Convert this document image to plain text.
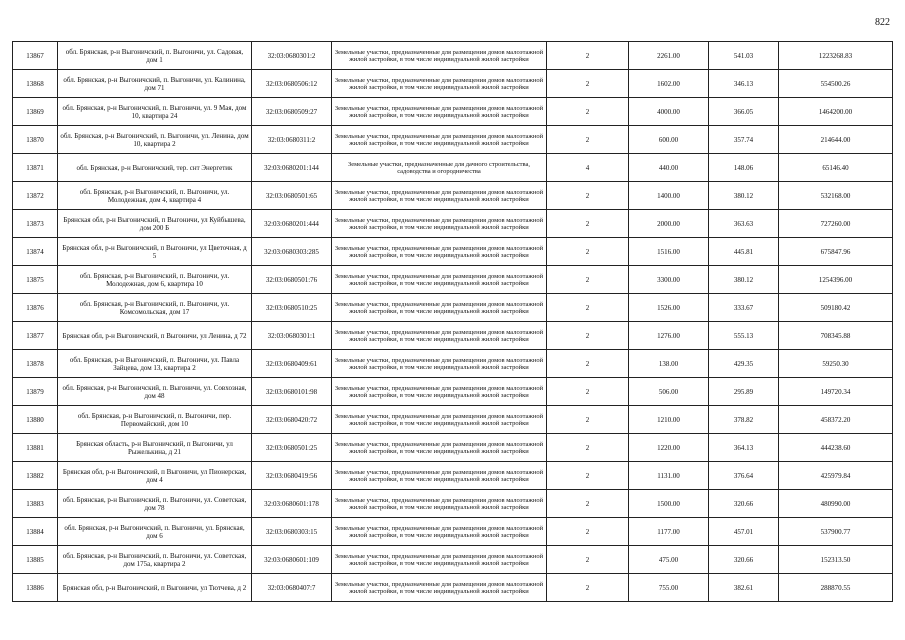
822
13867	обл. Брянская, р-н Выгоничский, п. Выгоничи, ул. Садовая, дом 1	32:03:0680301:2	Земельные участки, предназначенные для размещения домов малоэтажной жилой застройки, в том числе индивидуальной жилой застройки	2	2261.00	541.03	1223268.83
13868	обл. Брянская, р-н Выгоничский, п. Выгоничи, ул. Калинина, дом 71	32:03:0680506:12	Земельные участки, предназначенные для размещения домов малоэтажной жилой застройки, в том числе индивидуальной жилой застройки	2	1602.00	346.13	554500.26
13869	обл. Брянская, р-н Выгоничский, п. Выгоничи, ул. 9 Мая, дом 10, квартира 24	32:03:0680509:27	Земельные участки, предназначенные для размещения домов малоэтажной жилой застройки, в том числе индивидуальной жилой застройки	2	4000.00	366.05	1464200.00
13870	обл. Брянская, р-н Выгоничский, п. Выгоничи, ул. Ленина, дом 10, квартира 2	32:03:0680311:2	Земельные участки, предназначенные для размещения домов малоэтажной жилой застройки, в том числе индивидуальной жилой застройки	2	600.00	357.74	214644.00
13871	обл. Брянская, р-н Выгоничский, тер. снт Энергетик	32:03:0680201:144	Земельные участки, предназначенные для дачного строительства, садоводства и огородничества	4	440.00	148.06	65146.40
13872	обл. Брянская, р-н Выгоничский, п. Выгоничи, ул. Молодежная, дом 4, квартира 4	32:03:0680501:65	Земельные участки, предназначенные для размещения домов малоэтажной жилой застройки, в том числе индивидуальной жилой застройки	2	1400.00	380.12	532168.00
13873	Брянская обл, р-н Выгоничский, п Выгоничи, ул Куйбышева, дом 200 Б	32:03:0680201:444	Земельные участки, предназначенные для размещения домов малоэтажной жилой застройки, в том числе индивидуальной жилой застройки	2	2000.00	363.63	727260.00
13874	Брянская обл, р-н Выгоничский, п Выгоничи, ул Цветочная, д 5	32:03:0680303:285	Земельные участки, предназначенные для размещения домов малоэтажной жилой застройки, в том числе индивидуальной жилой застройки	2	1516.00	445.81	675847.96
13875	обл. Брянская, р-н Выгоничский, п. Выгоничи, ул. Молодежная, дом 6, квартира 10	32:03:0680501:76	Земельные участки, предназначенные для размещения домов малоэтажной жилой застройки, в том числе индивидуальной жилой застройки	2	3300.00	380.12	1254396.00
13876	обл. Брянская, р-н Выгоничский, п. Выгоничи, ул. Комсомольская, дом 17	32:03:0680510:25	Земельные участки, предназначенные для размещения домов малоэтажной жилой застройки, в том числе индивидуальной жилой застройки	2	1526.00	333.67	509180.42
13877	Брянская обл, р-н Выгоничский, п Выгоничи, ул Ленина, д 72	32:03:0680301:1	Земельные участки, предназначенные для размещения домов малоэтажной жилой застройки, в том числе индивидуальной жилой застройки	2	1276.00	555.13	708345.88
13878	обл. Брянская, р-н Выгоничский, п. Выгоничи, ул. Павла Зайцева, дом 13, квартира 2	32:03:0680409:61	Земельные участки, предназначенные для размещения домов малоэтажной жилой застройки, в том числе индивидуальной жилой застройки	2	138.00	429.35	59250.30
13879	обл. Брянская, р-н Выгоничский, п. Выгоничи, ул. Совхозная, дом 48	32:03:0680101:98	Земельные участки, предназначенные для размещения домов малоэтажной жилой застройки, в том числе индивидуальной жилой застройки	2	506.00	295.89	149720.34
13880	обл. Брянская, р-н Выгоничский, п. Выгоничи, пер. Первомайский, дом 10	32:03:0680420:72	Земельные участки, предназначенные для размещения домов малоэтажной жилой застройки, в том числе индивидуальной жилой застройки	2	1210.00	378.82	458372.20
13881	Брянская область, р-н Выгоничский, п Выгоничи, ул Рыжелькина, д 21	32:03:0680501:25	Земельные участки, предназначенные для размещения домов малоэтажной жилой застройки, в том числе индивидуальной жилой застройки	2	1220.00	364.13	444238.60
13882	Брянская обл, р-н Выгоничский, п Выгоничи, ул Пионерская, дом 4	32:03:0680419:56	Земельные участки, предназначенные для размещения домов малоэтажной жилой застройки, в том числе индивидуальной жилой застройки	2	1131.00	376.64	425979.84
13883	обл. Брянская, р-н Выгоничский, п. Выгоничи, ул. Советская, дом 78	32:03:0680601:178	Земельные участки, предназначенные для размещения домов малоэтажной жилой застройки, в том числе индивидуальной жилой застройки	2	1500.00	320.66	480990.00
13884	обл. Брянская, р-н Выгоничский, п. Выгоничи, ул. Брянская, дом 6	32:03:0680303:15	Земельные участки, предназначенные для размещения домов малоэтажной жилой застройки, в том числе индивидуальной жилой застройки	2	1177.00	457.01	537900.77
13885	обл. Брянская, р-н Выгоничский, п. Выгоничи, ул. Советская, дом 175а, квартира 2	32:03:0680601:109	Земельные участки, предназначенные для размещения домов малоэтажной жилой застройки, в том числе индивидуальной жилой застройки	2	475.00	320.66	152313.50
13886	Брянская обл, р-н Выгоничский, п Выгоничи, ул Тютчева, д 2	32:03:0680407:7	Земельные участки, предназначенные для размещения домов малоэтажной жилой застройки, в том числе индивидуальной жилой застройки	2	755.00	382.61	288870.55
